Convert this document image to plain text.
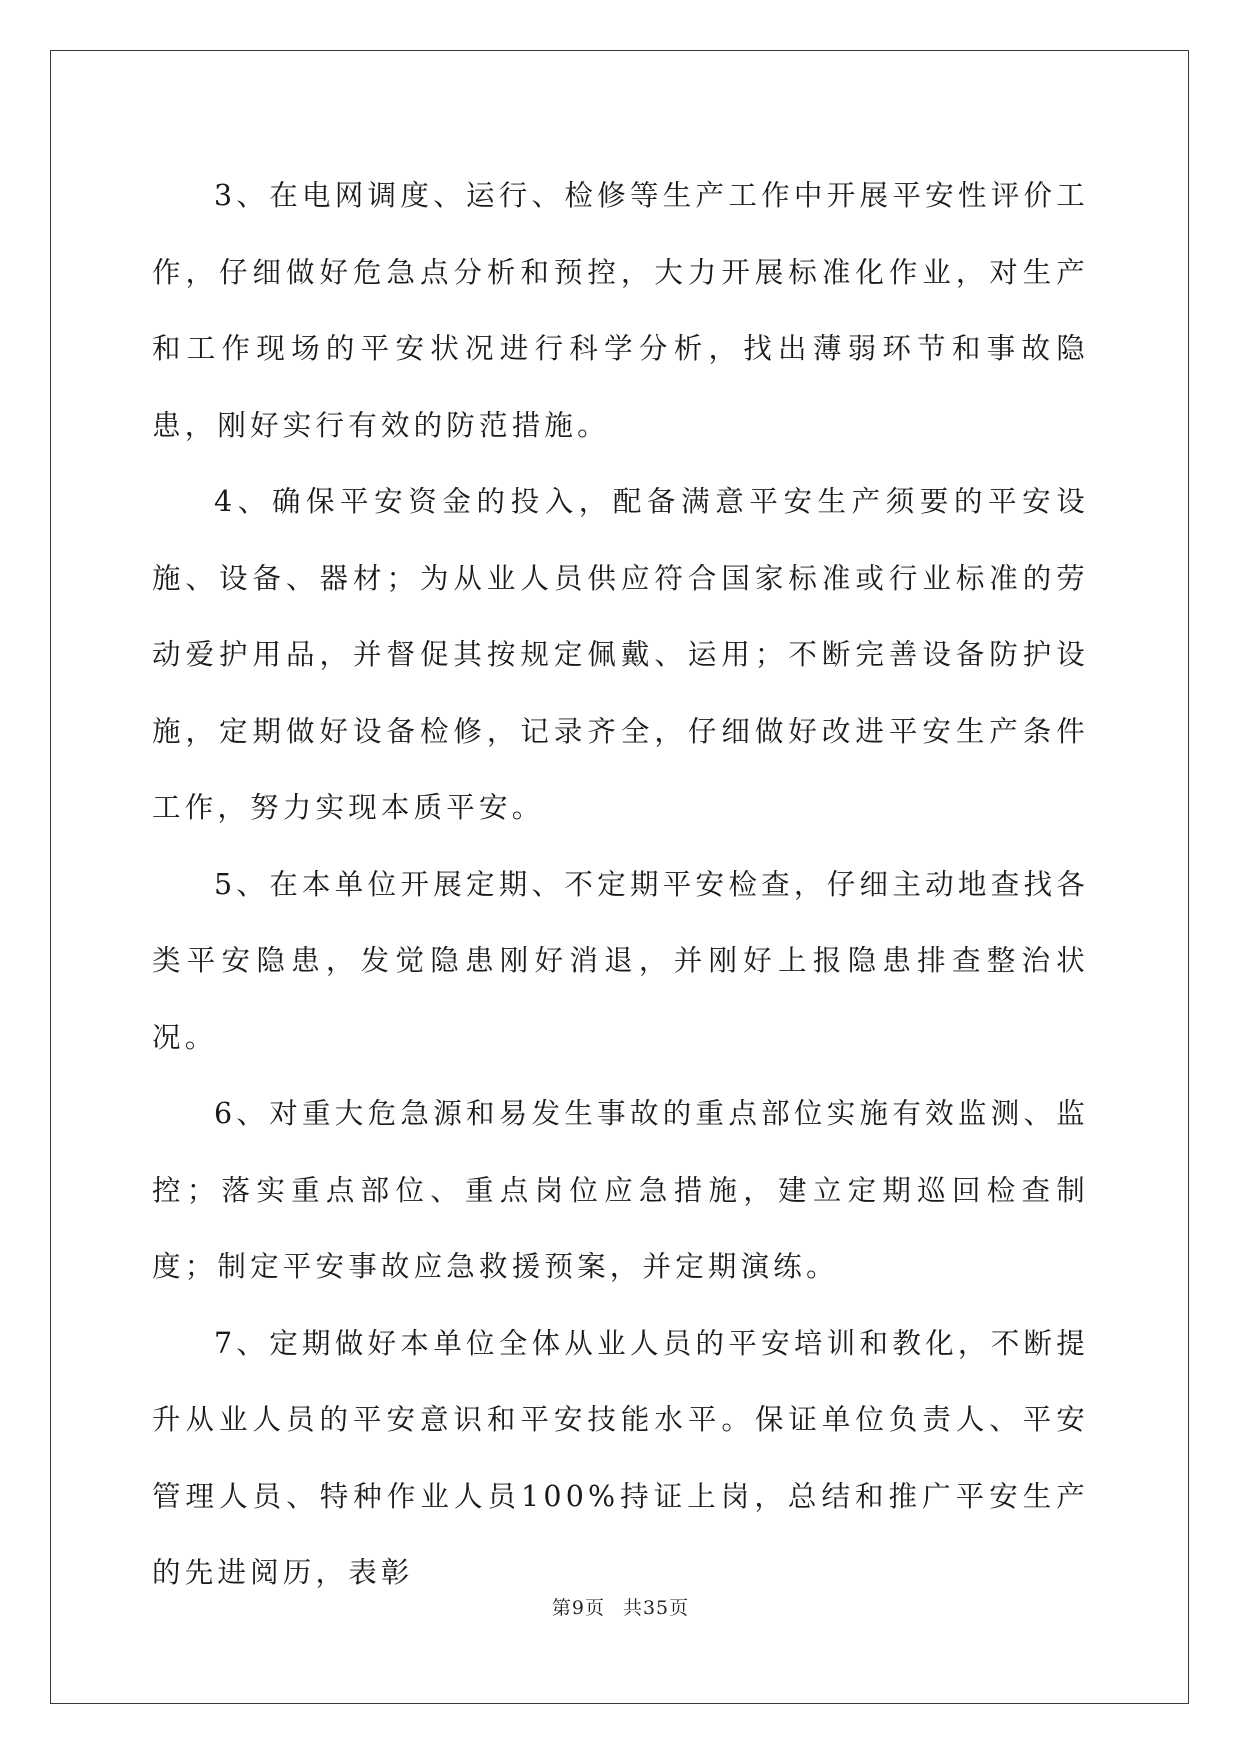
3、在电网调度、运行、检修等生产工作中开展平安性评价工作，仔细做好危急点分析和预控，大力开展标准化作业，对生产和工作现场的平安状况进行科学分析，找出薄弱环节和事故隐患，刚好实行有效的防范措施。

4、确保平安资金的投入，配备满意平安生产须要的平安设施、设备、器材；为从业人员供应符合国家标准或行业标准的劳动爱护用品，并督促其按规定佩戴、运用；不断完善设备防护设施，定期做好设备检修，记录齐全，仔细做好改进平安生产条件工作，努力实现本质平安。

5、在本单位开展定期、不定期平安检查，仔细主动地查找各类平安隐患，发觉隐患刚好消退，并刚好上报隐患排查整治状况。

6、对重大危急源和易发生事故的重点部位实施有效监测、监控；落实重点部位、重点岗位应急措施，建立定期巡回检查制度；制定平安事故应急救援预案，并定期演练。

7、定期做好本单位全体从业人员的平安培训和教化，不断提升从业人员的平安意识和平安技能水平。保证单位负责人、平安管理人员、特种作业人员100%持证上岗，总结和推广平安生产的先进阅历，表彰

第9页 共35页
